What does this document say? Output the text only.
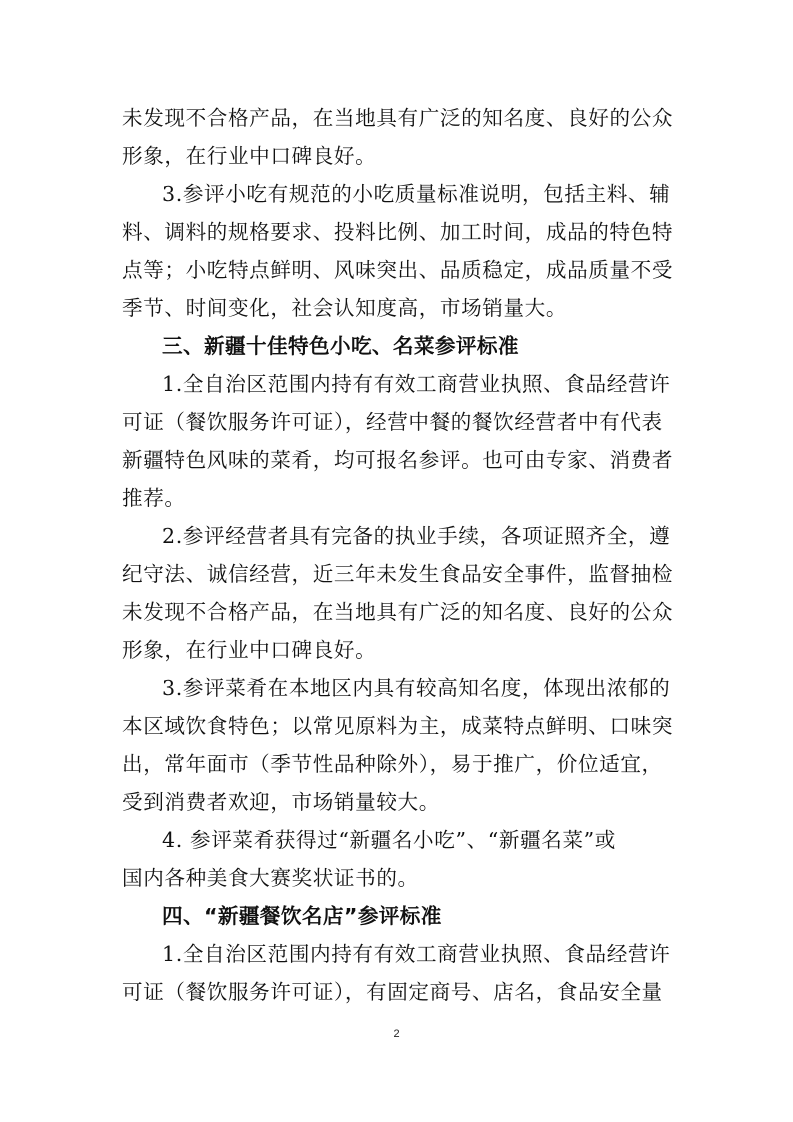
未发现不合格产品，在当地具有广泛的知名度、良好的公众
形象，在行业中口碑良好。
3.参评小吃有规范的小吃质量标准说明，包括主料、辅
料、调料的规格要求、投料比例、加工时间，成品的特色特
点等；小吃特点鲜明、风味突出、品质稳定，成品质量不受
季节、时间变化，社会认知度高，市场销量大。
三、新疆十佳特色小吃、名菜参评标准
1.全自治区范围内持有有效工商营业执照、食品经营许
可证（餐饮服务许可证），经营中餐的餐饮经营者中有代表
新疆特色风味的菜肴，均可报名参评。也可由专家、消费者
推荐。
2.参评经营者具有完备的执业手续，各项证照齐全，遵
纪守法、诚信经营，近三年未发生食品安全事件，监督抽检
未发现不合格产品，在当地具有广泛的知名度、良好的公众
形象，在行业中口碑良好。
3.参评菜肴在本地区内具有较高知名度，体现出浓郁的
本区域饮食特色；以常见原料为主，成菜特点鲜明、口味突
出，常年面市（季节性品种除外），易于推广，价位适宜，
受到消费者欢迎，市场销量较大。
4. 参评菜肴获得过“新疆名小吃”、“新疆名菜”或
国内各种美食大赛奖状证书的。
四、“新疆餐饮名店”参评标准
1.全自治区范围内持有有效工商营业执照、食品经营许
可证（餐饮服务许可证），有固定商号、店名，食品安全量
2
